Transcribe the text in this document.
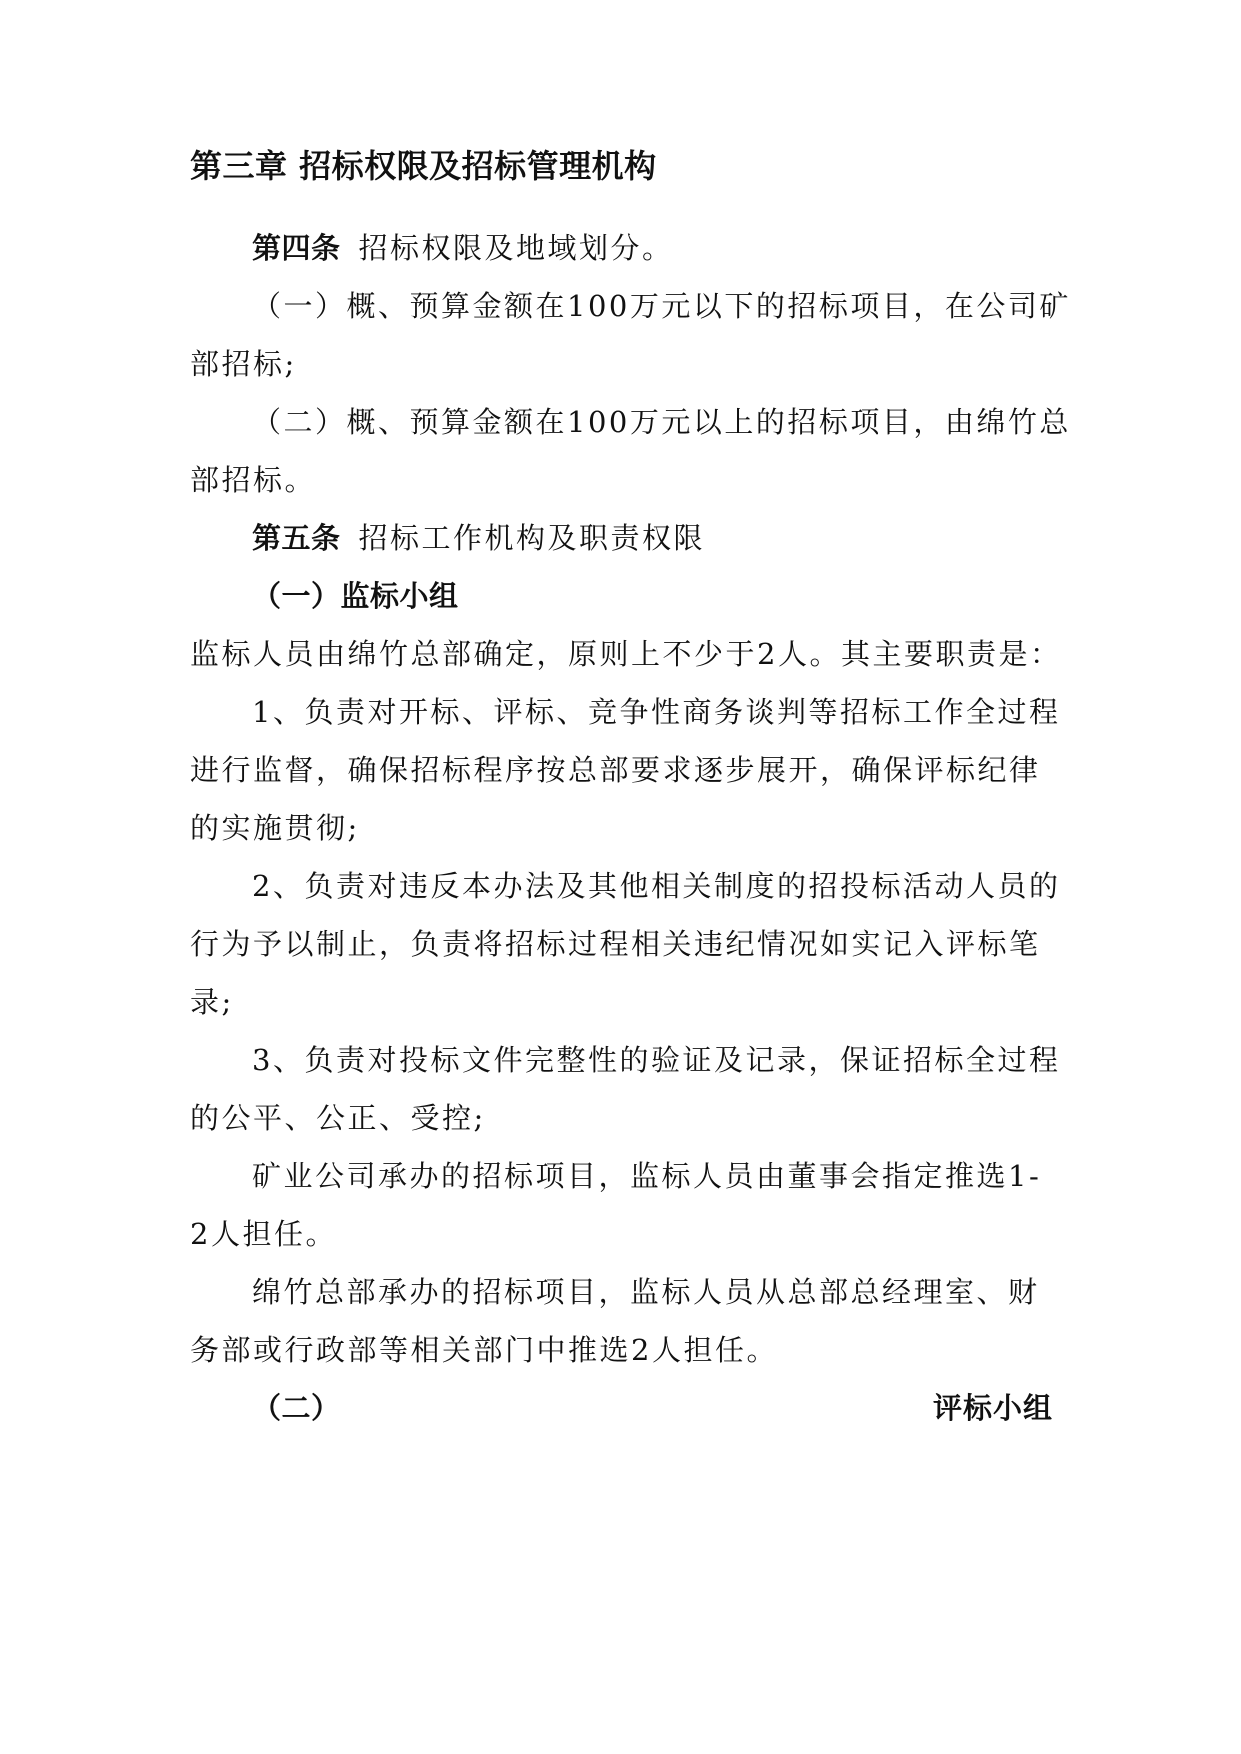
第三章 招标权限及招标管理机构
第四条 招标权限及地域划分。
（一）概、预算金额在100万元以下的招标项目，在公司矿
部招标;
（二）概、预算金额在100万元以上的招标项目，由绵竹总
部招标。
第五条 招标工作机构及职责权限
（一）监标小组
监标人员由绵竹总部确定，原则上不少于2人。其主要职责是：
1、负责对开标、评标、竞争性商务谈判等招标工作全过程
进行监督，确保招标程序按总部要求逐步展开，确保评标纪律
的实施贯彻;
2、负责对违反本办法及其他相关制度的招投标活动人员的
行为予以制止，负责将招标过程相关违纪情况如实记入评标笔
录;
3、负责对投标文件完整性的验证及记录，保证招标全过程
的公平、公正、受控;
矿业公司承办的招标项目，监标人员由董事会指定推选1-
2人担任。
绵竹总部承办的招标项目，监标人员从总部总经理室、财
务部或行政部等相关部门中推选2人担任。
（二）	评标小组
